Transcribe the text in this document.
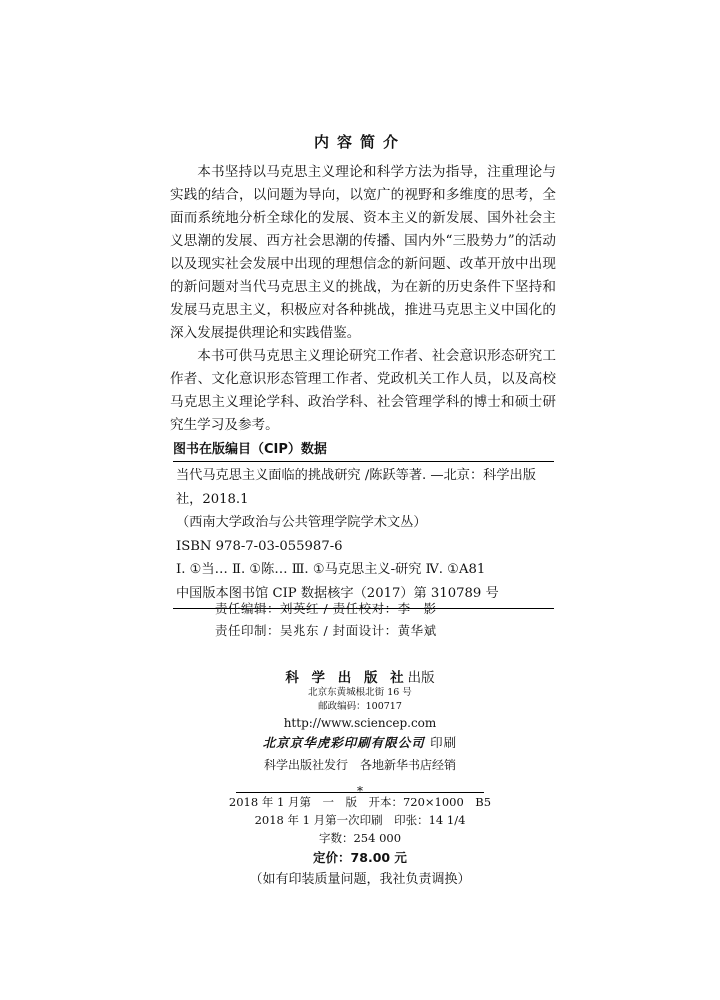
内容简介

本书坚持以马克思主义理论和科学方法为指导，注重理论与实践的结合，以问题为导向，以宽广的视野和多维度的思考，全面而系统地分析全球化的发展、资本主义的新发展、国外社会主义思潮的发展、西方社会思潮的传播、国内外“三股势力”的活动以及现实社会发展中出现的理想信念的新问题、改革开放中出现的新问题对当代马克思主义的挑战，为在新的历史条件下坚持和发展马克思主义，积极应对各种挑战，推进马克思主义中国化的深入发展提供理论和实践借鉴。

本书可供马克思主义理论研究工作者、社会意识形态研究工作者、文化意识形态管理工作者、党政机关工作人员，以及高校马克思主义理论学科、政治学科、社会管理学科的博士和硕士研究生学习及参考。

图书在版编目（CIP）数据
当代马克思主义面临的挑战研究 /陈跃等著. —北京：科学出版
社，2018.1
（西南大学政治与公共管理学院学术文丛）
ISBN 978-7-03-055987-6
Ⅰ. ①当… Ⅱ. ①陈… Ⅲ. ①马克思主义-研究 Ⅳ. ①A81
中国版本图书馆 CIP 数据核字（2017）第 310789 号
责任编辑：刘英红 / 责任校对：李　影
责任印制：吴兆东 / 封面设计：黄华斌
科 学 出 版 社出版
北京东黄城根北街 16 号
邮政编码：100717
http://www.sciencep.com
北京京华虎彩印刷有限公司 印刷
科学出版社发行　各地新华书店经销
*
2018 年 1 月第　一　版　开本：720×1000　B5
2018 年 1 月第一次印刷　印张：14 1/4
字数：254 000
定价：78.00 元
（如有印装质量问题，我社负责调换）
